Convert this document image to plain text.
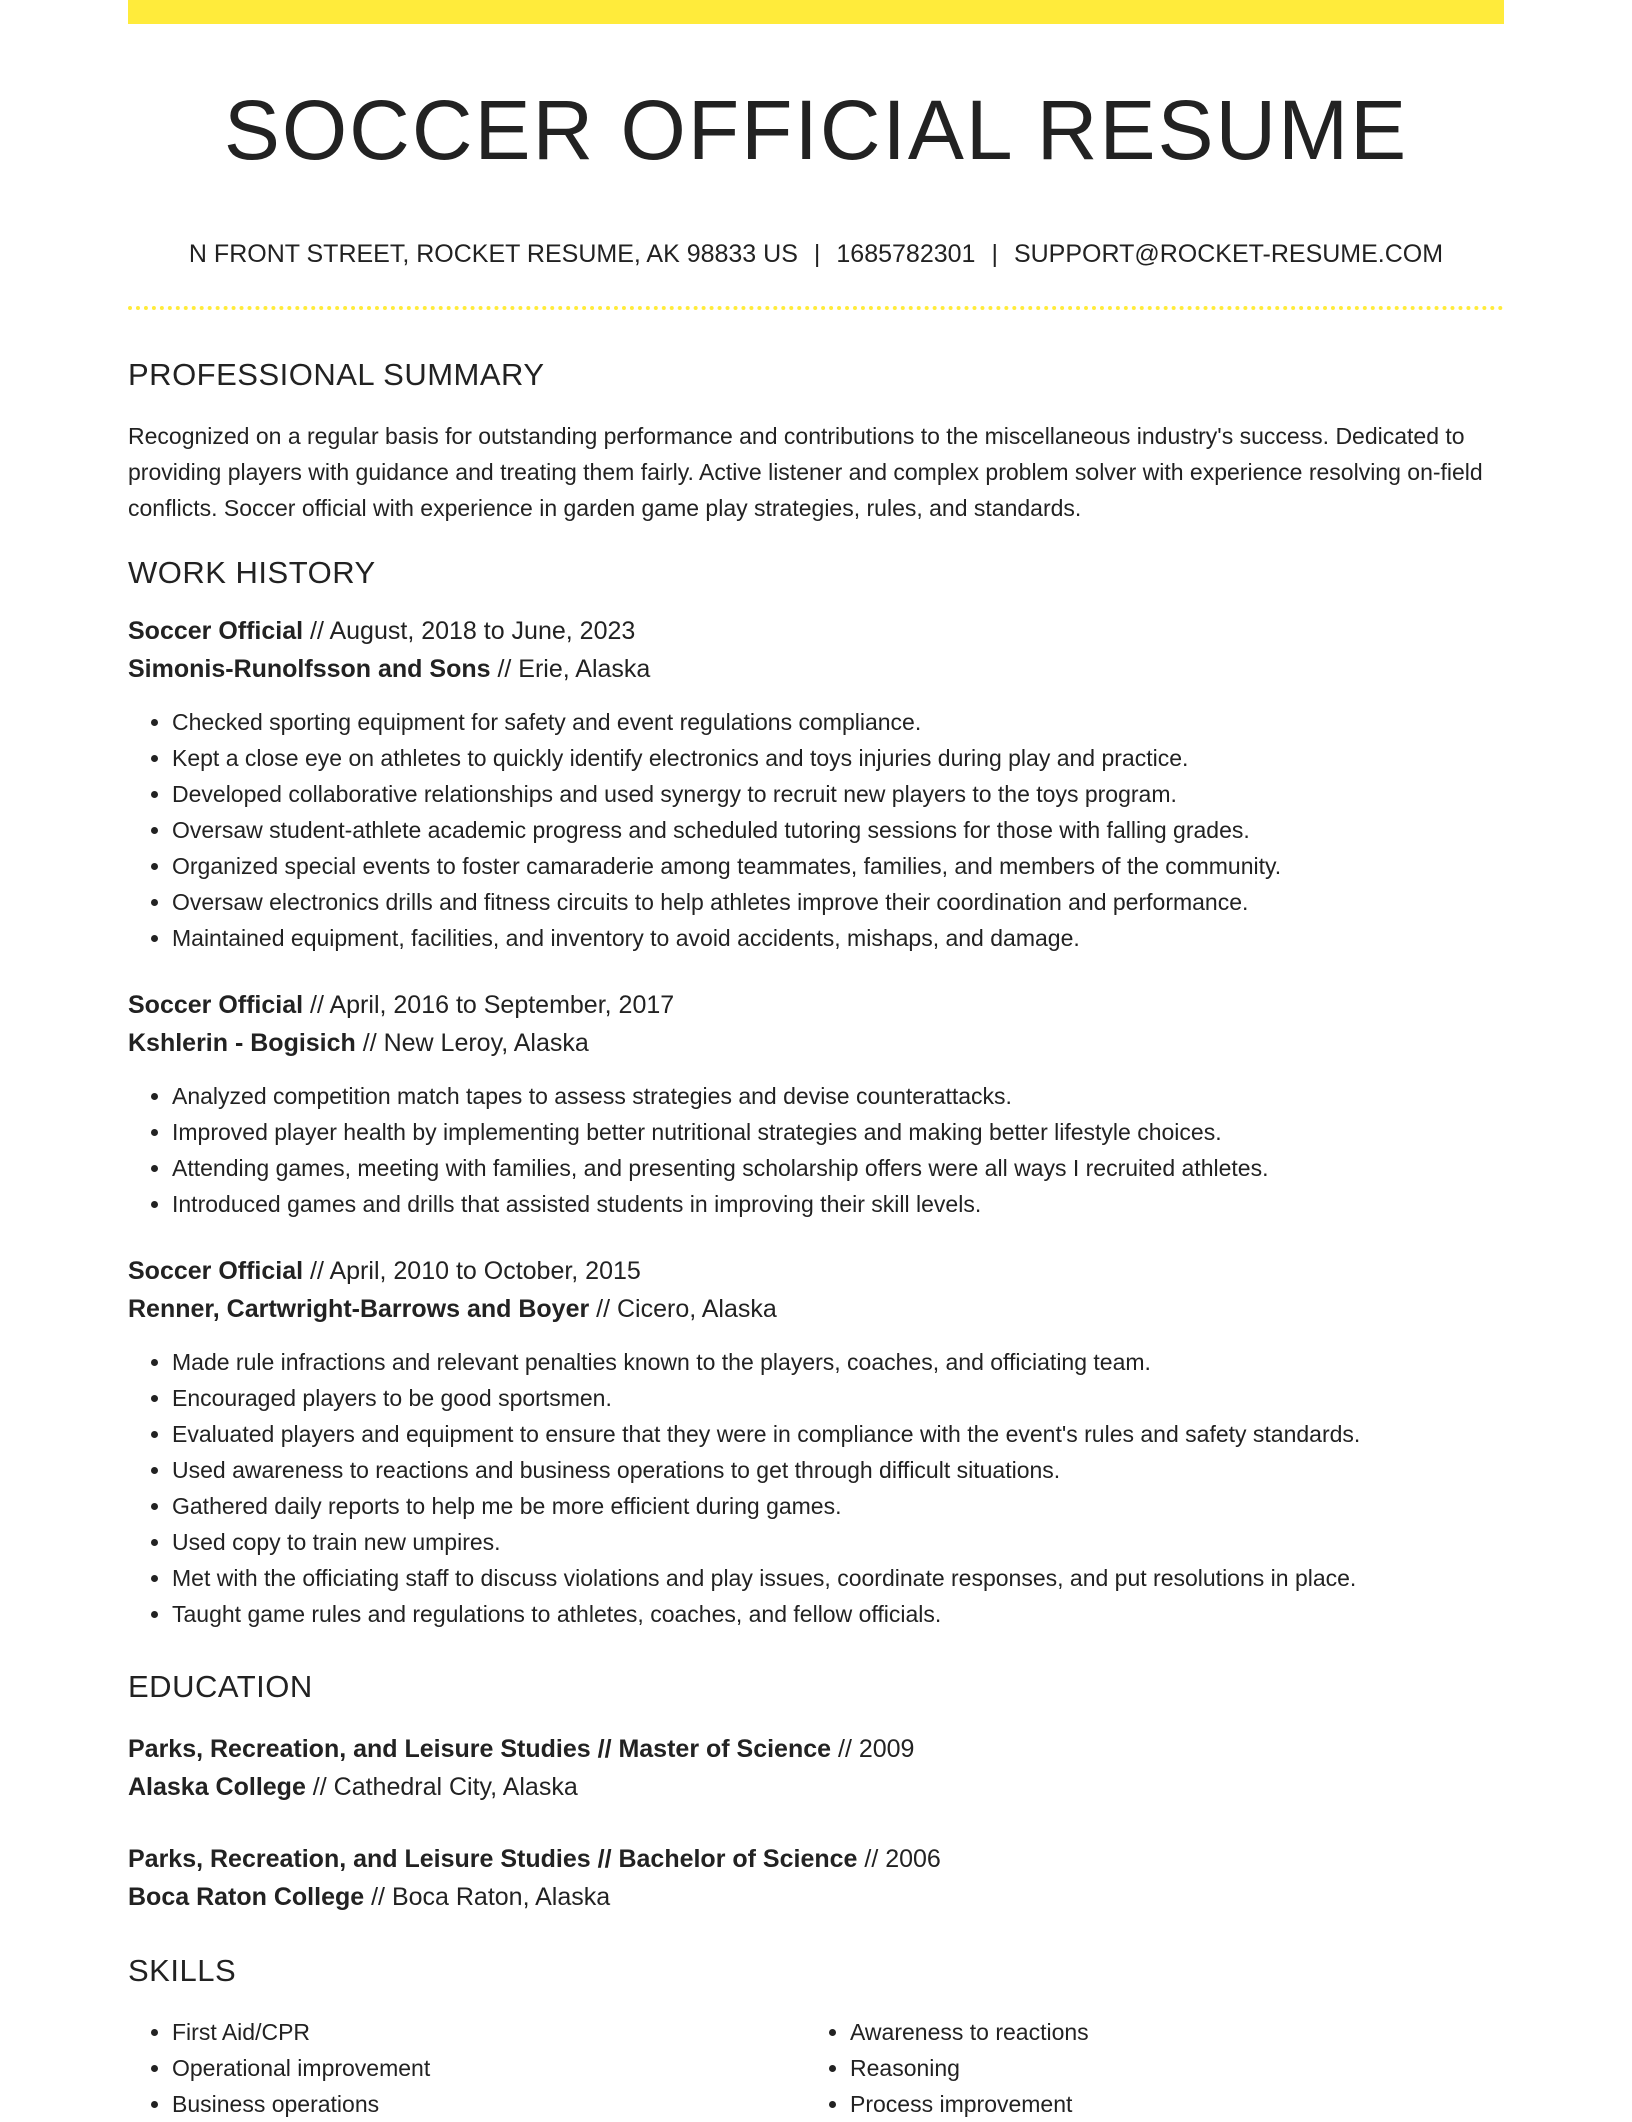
SOCCER OFFICIAL RESUME
N FRONT STREET, ROCKET RESUME, AK 98833 US | 1685782301 | SUPPORT@ROCKET-RESUME.COM
PROFESSIONAL SUMMARY

Recognized on a regular basis for outstanding performance and contributions to the miscellaneous industry's success. Dedicated to providing players with guidance and treating them fairly. Active listener and complex problem solver with experience resolving on-field conflicts. Soccer official with experience in garden game play strategies, rules, and standards.

WORK HISTORY
Soccer Official // August, 2018 to June, 2023
Simonis-Runolfsson and Sons // Erie, Alaska
• Checked sporting equipment for safety and event regulations compliance.
• Kept a close eye on athletes to quickly identify electronics and toys injuries during play and practice.
• Developed collaborative relationships and used synergy to recruit new players to the toys program.
• Oversaw student-athlete academic progress and scheduled tutoring sessions for those with falling grades.
• Organized special events to foster camaraderie among teammates, families, and members of the community.
• Oversaw electronics drills and fitness circuits to help athletes improve their coordination and performance.
• Maintained equipment, facilities, and inventory to avoid accidents, mishaps, and damage.
Soccer Official // April, 2016 to September, 2017
Kshlerin - Bogisich // New Leroy, Alaska
• Analyzed competition match tapes to assess strategies and devise counterattacks.
• Improved player health by implementing better nutritional strategies and making better lifestyle choices.
• Attending games, meeting with families, and presenting scholarship offers were all ways I recruited athletes.
• Introduced games and drills that assisted students in improving their skill levels.
Soccer Official // April, 2010 to October, 2015
Renner, Cartwright-Barrows and Boyer // Cicero, Alaska
• Made rule infractions and relevant penalties known to the players, coaches, and officiating team.
• Encouraged players to be good sportsmen.
• Evaluated players and equipment to ensure that they were in compliance with the event's rules and safety standards.
• Used awareness to reactions and business operations to get through difficult situations.
• Gathered daily reports to help me be more efficient during games.
• Used copy to train new umpires.
• Met with the officiating staff to discuss violations and play issues, coordinate responses, and put resolutions in place.
• Taught game rules and regulations to athletes, coaches, and fellow officials.
EDUCATION
Parks, Recreation, and Leisure Studies // Master of Science // 2009
Alaska College // Cathedral City, Alaska
Parks, Recreation, and Leisure Studies // Bachelor of Science // 2006
Boca Raton College // Boca Raton, Alaska
SKILLS
• First Aid/CPR
• Operational improvement
• Business operations
• Awareness to reactions
• Reasoning
• Process improvement
